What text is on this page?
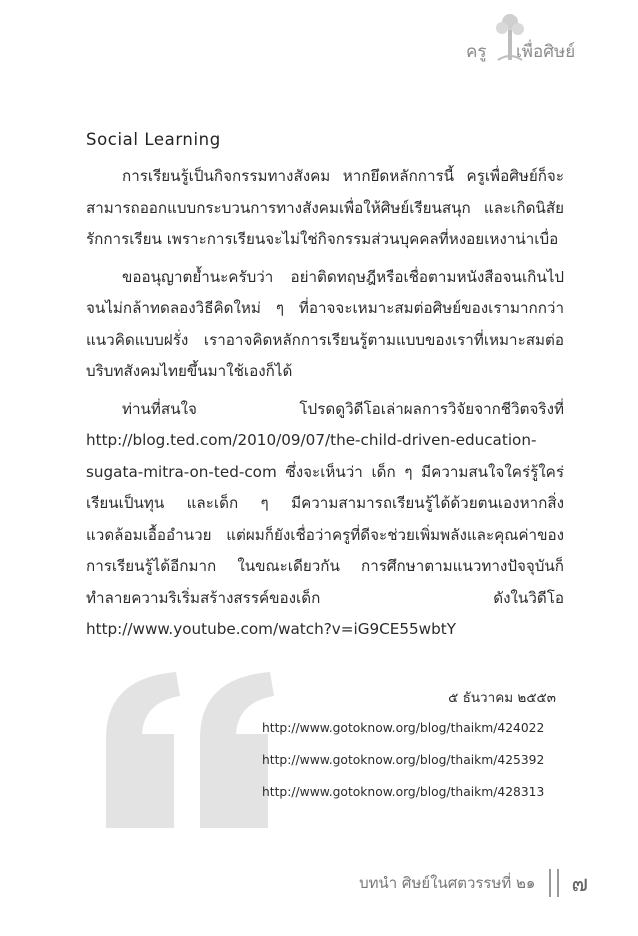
ครู เพื่อศิษย์
Social Learning

การเรียนรู้เป็นกิจกรรมทางสังคม หากยึดหลักการนี้ ครูเพื่อศิษย์ก็จะสามารถออกแบบกระบวนการทางสังคมเพื่อให้ศิษย์เรียนสนุก และเกิดนิสัยรักการเรียน เพราะการเรียนจะไม่ใช่กิจกรรมส่วนบุคคลที่หงอยเหงาน่าเบื่อ

ขออนุญาตย้ำนะครับว่า อย่าติดทฤษฎีหรือเชื่อตามหนังสือจนเกินไปจนไม่กล้าทดลองวิธีคิดใหม่ ๆ ที่อาจจะเหมาะสมต่อศิษย์ของเรามากกว่าแนวคิดแบบฝรั่ง เราอาจคิดหลักการเรียนรู้ตามแบบของเราที่เหมาะสมต่อบริบทสังคมไทยขึ้นมาใช้เองก็ได้

ท่านที่สนใจ โปรดดูวิดีโอเล่าผลการวิจัยจากชีวิตจริงที่ http://blog.ted.com/2010/09/07/the-child-driven-education-sugata-mitra-on-ted-com ซึ่งจะเห็นว่า เด็ก ๆ มีความสนใจใคร่รู้ใคร่เรียนเป็นทุน และเด็ก ๆ มีความสามารถเรียนรู้ได้ด้วยตนเองหากสิ่งแวดล้อมเอื้ออำนวย แต่ผมก็ยังเชื่อว่าครูที่ดีจะช่วยเพิ่มพลังและคุณค่าของการเรียนรู้ได้อีกมาก ในขณะเดียวกัน การศึกษาตามแนวทางปัจจุบันก็ทำลายความริเริ่มสร้างสรรค์ของเด็ก ดังในวิดีโอ http://www.youtube.com/watch?v=iG9CE55wbtY

๕ ธันวาคม ๒๕๕๓
http://www.gotoknow.org/blog/thaikm/424022
http://www.gotoknow.org/blog/thaikm/425392
http://www.gotoknow.org/blog/thaikm/428313
บทนำ ศิษย์ในศตวรรษที่ ๒๑ ๗
